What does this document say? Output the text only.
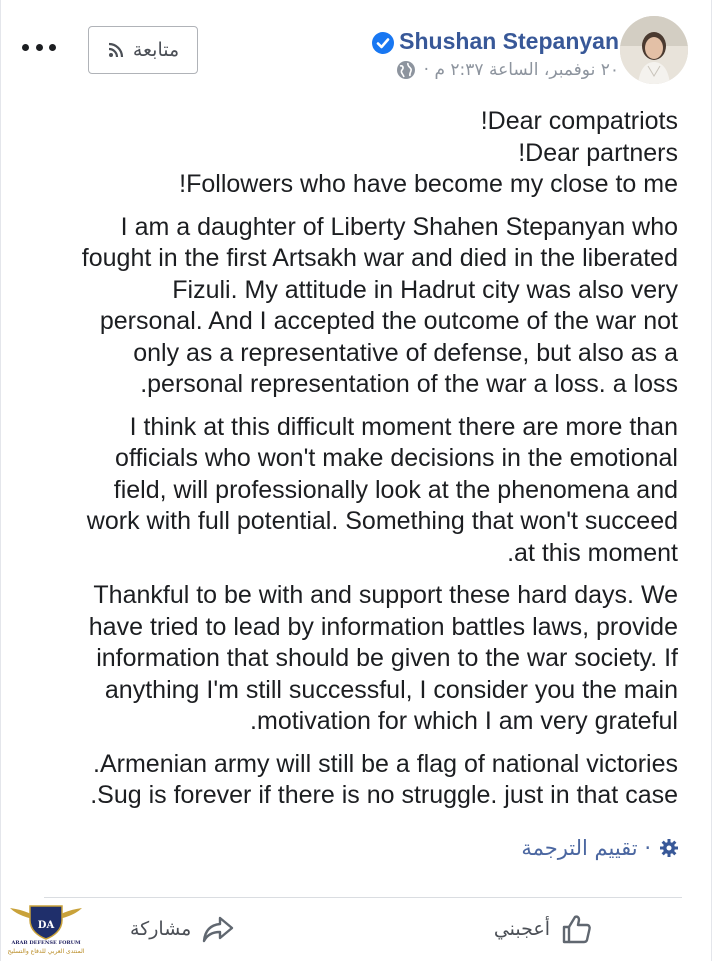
متابعة	Shushan Stepanyan
٢٠ نوفمبر، الساعة ٢:٣٧ م ·

!Dear compatriots
!Dear partners
!Followers who have become my close to me

I am a daughter of Liberty Shahen Stepanyan who
fought in the first Artsakh war and died in the liberated
Fizuli. My attitude in Hadrut city was also very
personal. And I accepted the outcome of the war not
only as a representative of defense, but also as a
.personal representation of the war a loss. a loss

I think at this difficult moment there are more than
officials who won't make decisions in the emotional
field, will professionally look at the phenomena and
work with full potential. Something that won't succeed
.at this moment

Thankful to be with and support these hard days. We
have tried to lead by information battles laws, provide
information that should be given to the war society. If
anything I'm still successful, I consider you the main
.motivation for which I am very grateful

.Armenian army will still be a flag of national victories
.Sug is forever if there is no struggle. just in that case

· تقييم الترجمة
أعجبني
مشاركة
DA
ARAB DEFENSE FORUM
المنتدى العربي للدفاع والتسليح
